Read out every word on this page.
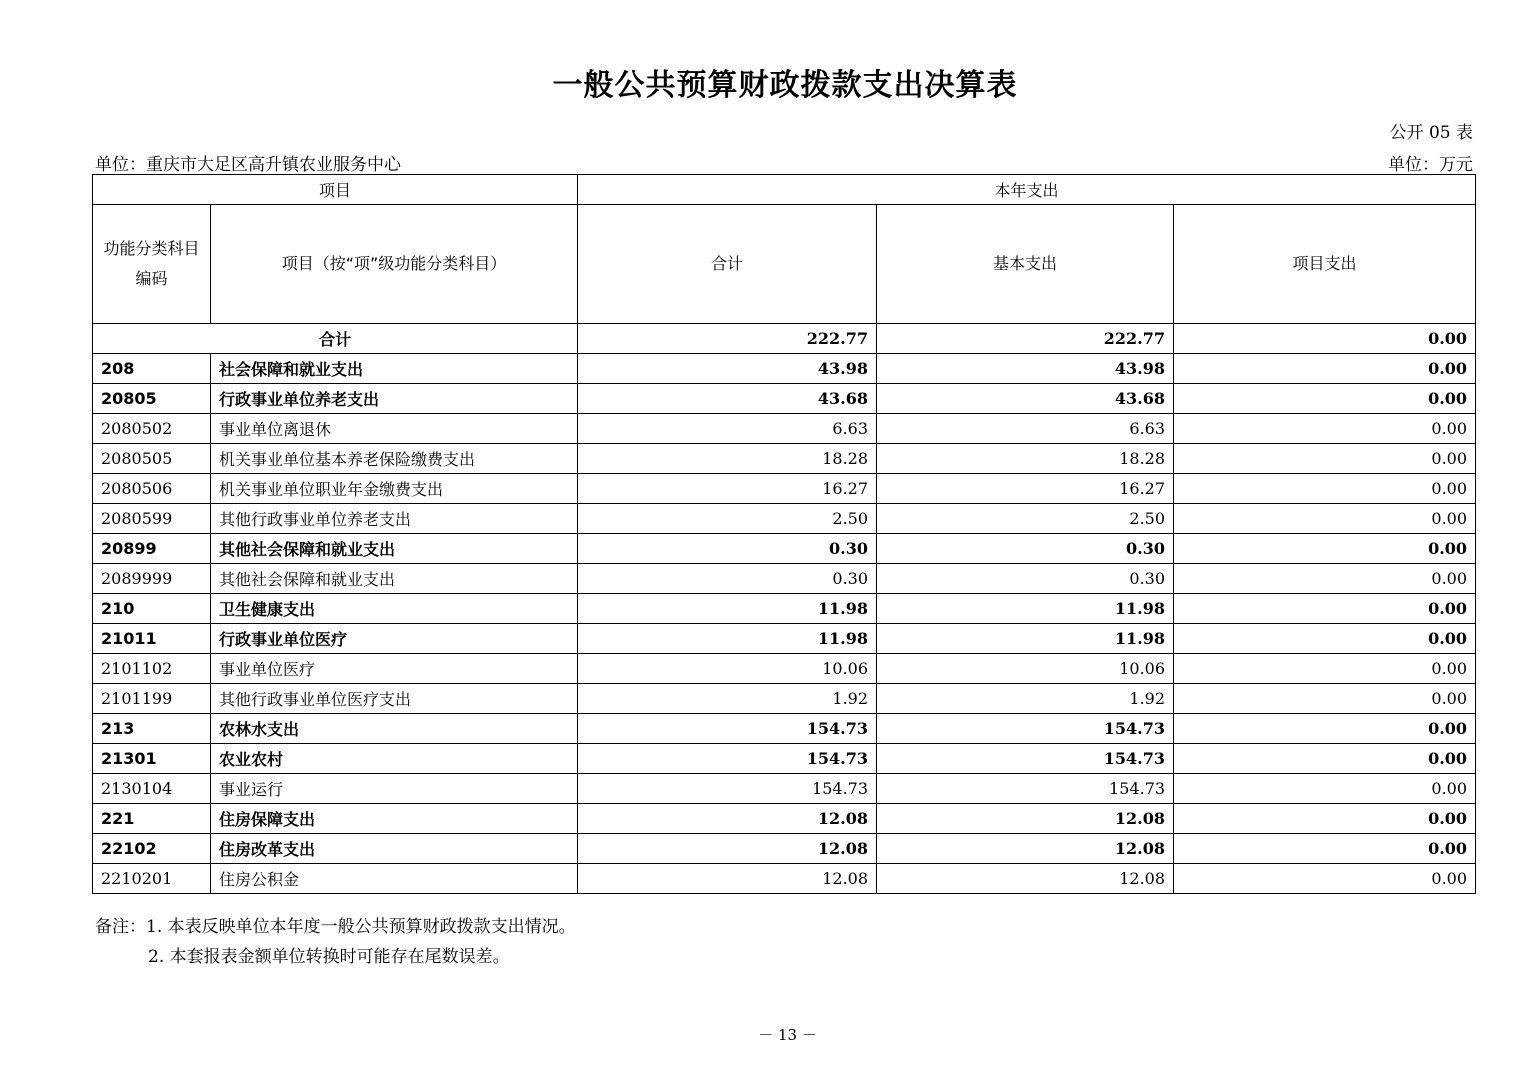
一般公共预算财政拨款支出决算表
公开 05 表
单位：重庆市大足区高升镇农业服务中心	单位：万元
项目		本年支出		
功能分类科目编码	项目（按“项”级功能分类科目）	合计	基本支出	项目支出
合计		222.77	222.77	0.00
208	社会保障和就业支出	43.98	43.98	0.00
20805	行政事业单位养老支出	43.68	43.68	0.00
2080502	事业单位离退休	6.63	6.63	0.00
2080505	机关事业单位基本养老保险缴费支出	18.28	18.28	0.00
2080506	机关事业单位职业年金缴费支出	16.27	16.27	0.00
2080599	其他行政事业单位养老支出	2.50	2.50	0.00
20899	其他社会保障和就业支出	0.30	0.30	0.00
2089999	其他社会保障和就业支出	0.30	0.30	0.00
210	卫生健康支出	11.98	11.98	0.00
21011	行政事业单位医疗	11.98	11.98	0.00
2101102	事业单位医疗	10.06	10.06	0.00
2101199	其他行政事业单位医疗支出	1.92	1.92	0.00
213	农林水支出	154.73	154.73	0.00
21301	农业农村	154.73	154.73	0.00
2130104	事业运行	154.73	154.73	0.00
221	住房保障支出	12.08	12.08	0.00
22102	住房改革支出	12.08	12.08	0.00
2210201	住房公积金	12.08	12.08	0.00
备注：1. 本表反映单位本年度一般公共预算财政拨款支出情况。
2. 本套报表金额单位转换时可能存在尾数误差。
－ 13 －
